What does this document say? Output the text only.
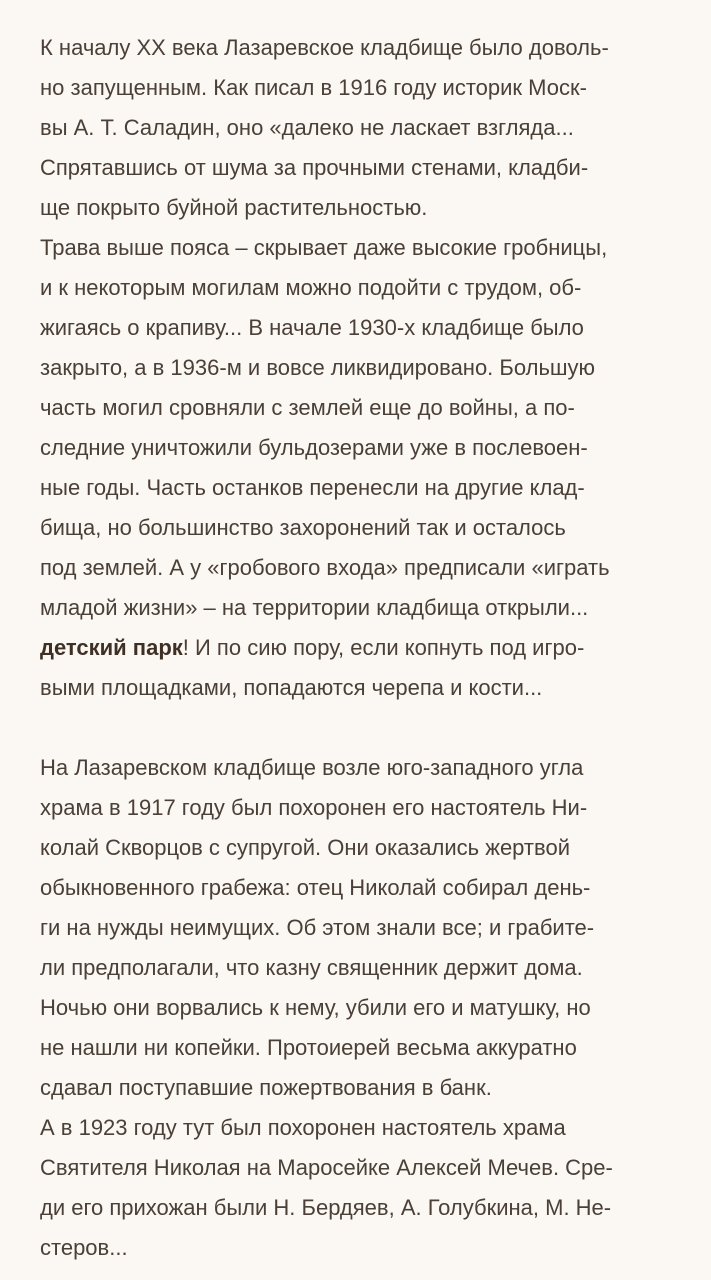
К началу XX века Лазаревское кладбище было доволь-
но запущенным. Как писал в 1916 году историк Моск-
вы А. Т. Саладин, оно «далеко не ласкает взгляда...
Спрятавшись от шума за прочными стенами, кладби-
ще покрыто буйной растительностью.
Трава выше пояса – скрывает даже высокие гробницы,
и к некоторым могилам можно подойти с трудом, об-
жигаясь о крапиву... В начале 1930-х кладбище было
закрыто, а в 1936-м и вовсе ликвидировано. Большую
часть могил сровняли с землей еще до войны, а по-
следние уничтожили бульдозерами уже в послевоен-
ные годы. Часть останков перенесли на другие клад-
бища, но большинство захоронений так и осталось
под землей. А у «гробового входа» предписали «играть
младой жизни» – на территории кладбища открыли...
детский парк! И по сию пору, если копнуть под игро-
выми площадками, попадаются черепа и кости...
На Лазаревском кладбище возле юго-западного угла
храма в 1917 году был похоронен его настоятель Ни-
колай Скворцов с супругой. Они оказались жертвой
обыкновенного грабежа: отец Николай собирал день-
ги на нужды неимущих. Об этом знали все; и грабите-
ли предполагали, что казну священник держит дома.
Ночью они ворвались к нему, убили его и матушку, но
не нашли ни копейки. Протоиерей весьма аккуратно
сдавал поступавшие пожертвования в банк.
А в 1923 году тут был похоронен настоятель храма
Святителя Николая на Маросейке Алексей Мечев. Сре-
ди его прихожан были Н. Бердяев, А. Голубкина, М. Не-
стеров...
